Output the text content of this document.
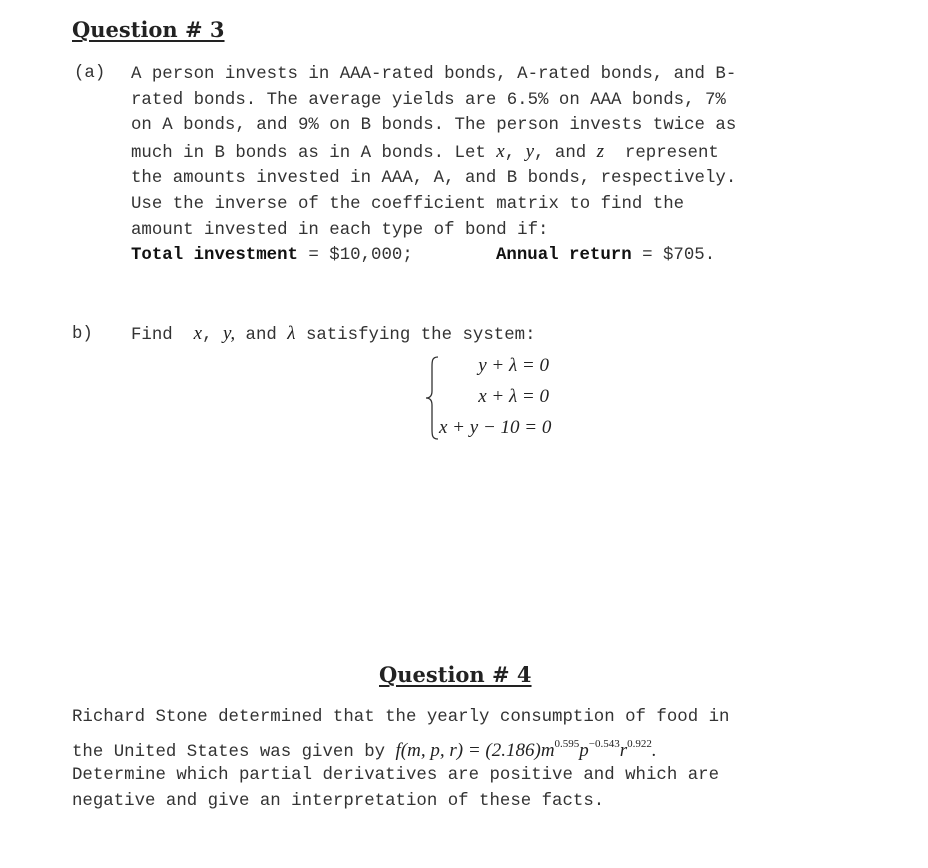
Question # 3
(a) A person invests in AAA-rated bonds, A-rated bonds, and B-
rated bonds. The average yields are 6.5% on AAA bonds, 7%
on A bonds, and 9% on B bonds. The person invests twice as
much in B bonds as in A bonds. Let x, y, and z represent
the amounts invested in AAA, A, and B bonds, respectively.
Use the inverse of the coefficient matrix to find the
amount invested in each type of bond if:
Total investment = $10,000;	Annual return = $705.
b) Find x, y, and λ satisfying the system:
y + λ = 0
x + λ = 0
x + y − 10 = 0
Question # 4
Richard Stone determined that the yearly consumption of food in
the United States was given by f(m, p, $r) = (2.186)m^{0.595}p^{-0.543}r^{0.922}$.
Determine which partial derivatives are positive and which are
negative and give an interpretation of these facts.
